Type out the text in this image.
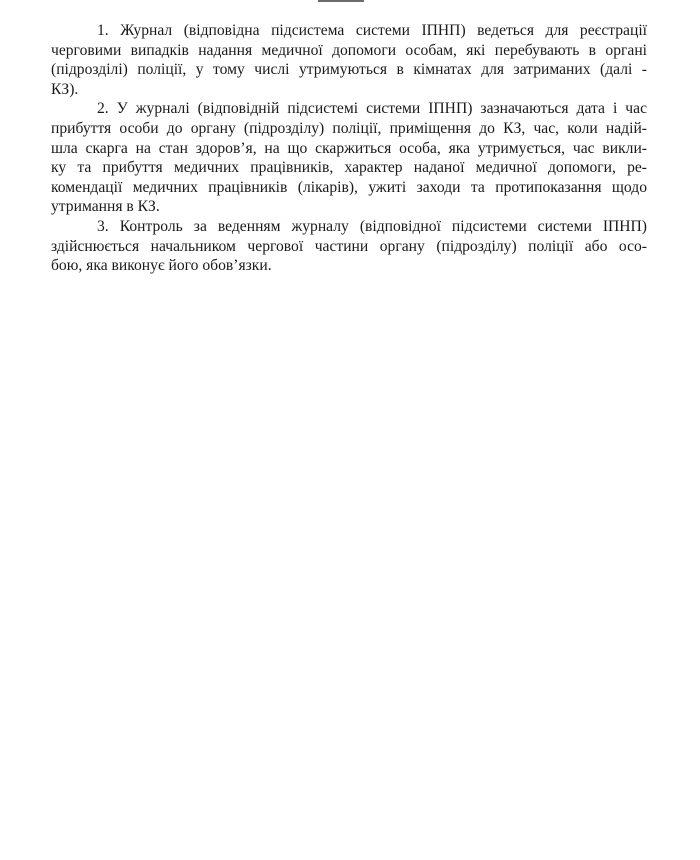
1. Журнал (відповідна підсистема системи ІПНП) ведеться для реєстрації
черговими випадків надання медичної допомоги особам, які перебувають в органі
(підрозділі) поліції, у тому числі утримуються в кімнатах для затриманих (далі -
КЗ).
2. У журналі (відповідній підсистемі системи ІПНП) зазначаються дата і час
прибуття особи до органу (підрозділу) поліції, приміщення до КЗ, час, коли надій-
шла скарга на стан здоров’я, на що скаржиться особа, яка утримується, час викли-
ку та прибуття медичних працівників, характер наданої медичної допомоги, ре-
комендації медичних працівників (лікарів), ужиті заходи та протипоказання щодо
утримання в КЗ.
3. Контроль за веденням журналу (відповідної підсистеми системи ІПНП)
здійснюється начальником чергової частини органу (підрозділу) поліції або осо-
бою, яка виконує його обов’язки.
